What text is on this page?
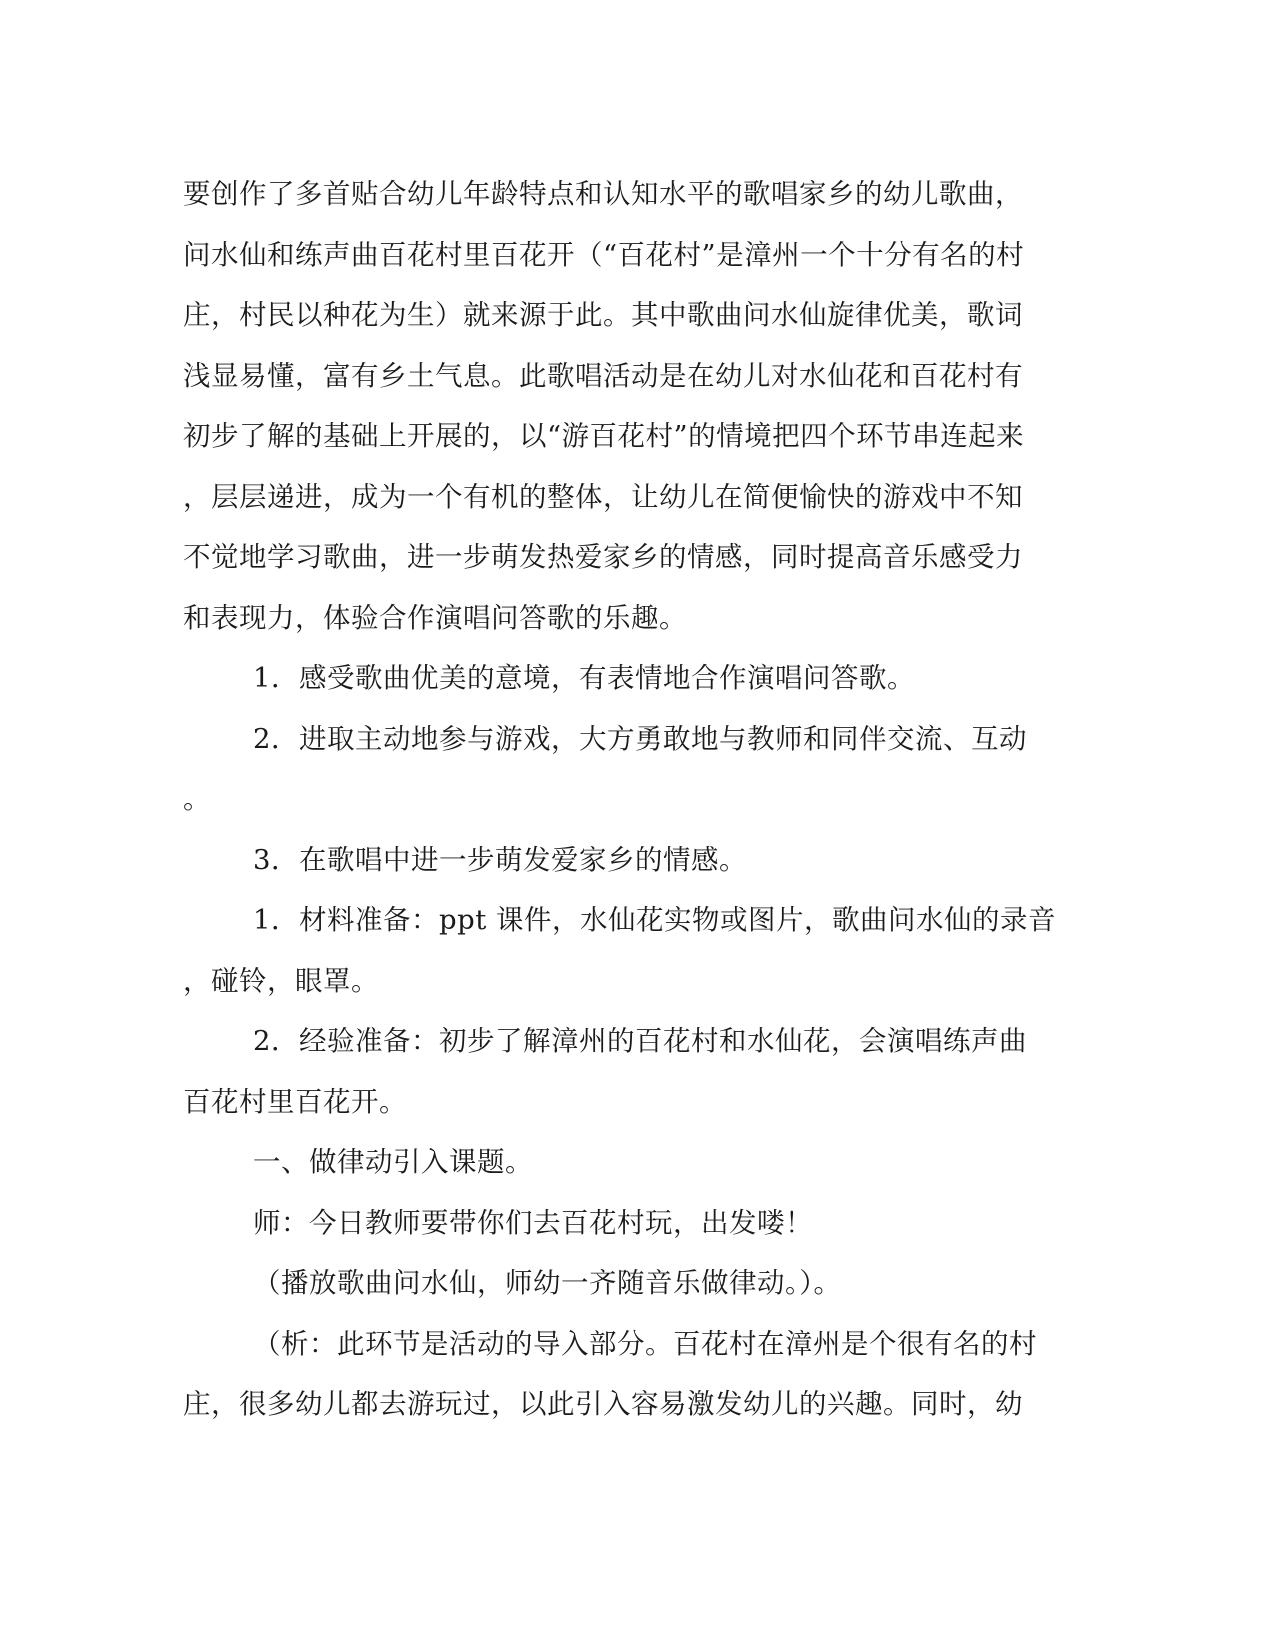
要创作了多首贴合幼儿年龄特点和认知水平的歌唱家乡的幼儿歌曲，
问水仙和练声曲百花村里百花开（“百花村”是漳州一个十分有名的村
庄，村民以种花为生）就来源于此。其中歌曲问水仙旋律优美，歌词
浅显易懂，富有乡土气息。此歌唱活动是在幼儿对水仙花和百花村有
初步了解的基础上开展的，以“游百花村”的情境把四个环节串连起来
，层层递进，成为一个有机的整体，让幼儿在简便愉快的游戏中不知
不觉地学习歌曲，进一步萌发热爱家乡的情感，同时提高音乐感受力
和表现力，体验合作演唱问答歌的乐趣。
1．感受歌曲优美的意境，有表情地合作演唱问答歌。
2．进取主动地参与游戏，大方勇敢地与教师和同伴交流、互动
。
3．在歌唱中进一步萌发爱家乡的情感。
1．材料准备：ppt 课件，水仙花实物或图片，歌曲问水仙的录音
，碰铃，眼罩。
2．经验准备：初步了解漳州的百花村和水仙花，会演唱练声曲
百花村里百花开。
一、做律动引入课题。
师：今日教师要带你们去百花村玩，出发喽！
（播放歌曲问水仙，师幼一齐随音乐做律动。）。
（析：此环节是活动的导入部分。百花村在漳州是个很有名的村
庄，很多幼儿都去游玩过，以此引入容易激发幼儿的兴趣。同时，幼
